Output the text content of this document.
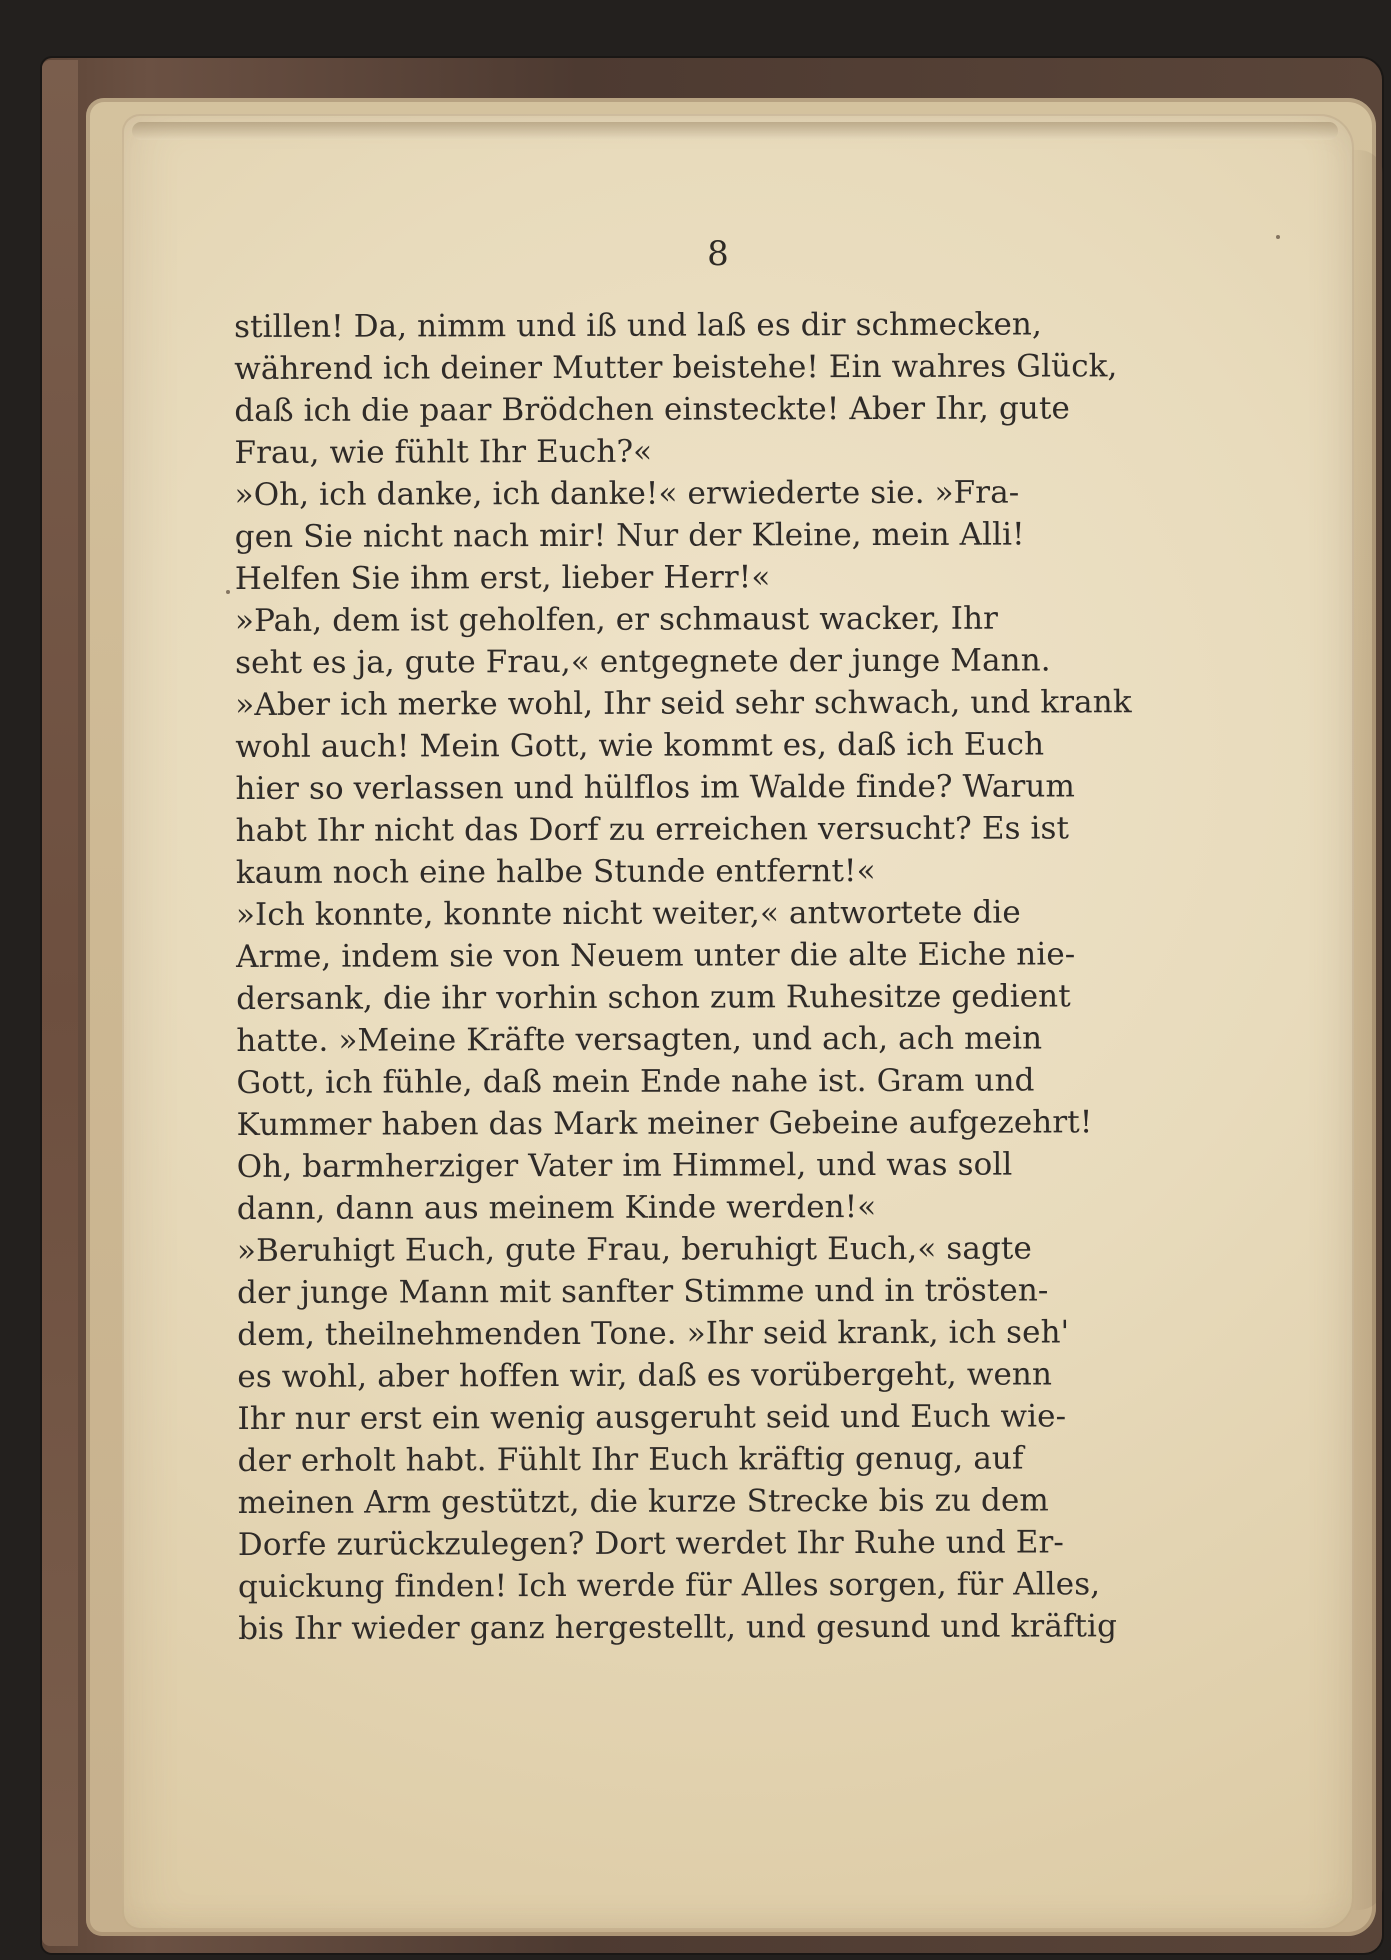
8

stillen! Da, nimm und iß und laß es dir schmecken,
während ich deiner Mutter beistehe! Ein wahres Glück,
daß ich die paar Brödchen einsteckte! Aber Ihr, gute
Frau, wie fühlt Ihr Euch?«

»Oh, ich danke, ich danke!« erwiederte sie. »Fra-
gen Sie nicht nach mir! Nur der Kleine, mein Alli!
Helfen Sie ihm erst, lieber Herr!«

»Pah, dem ist geholfen, er schmaust wacker, Ihr
seht es ja, gute Frau,« entgegnete der junge Mann.
»Aber ich merke wohl, Ihr seid sehr schwach, und krank
wohl auch! Mein Gott, wie kommt es, daß ich Euch
hier so verlassen und hülflos im Walde finde? Warum
habt Ihr nicht das Dorf zu erreichen versucht? Es ist
kaum noch eine halbe Stunde entfernt!«

»Ich konnte, konnte nicht weiter,« antwortete die
Arme, indem sie von Neuem unter die alte Eiche nie-
dersank, die ihr vorhin schon zum Ruhesitze gedient
hatte. »Meine Kräfte versagten, und ach, ach mein
Gott, ich fühle, daß mein Ende nahe ist. Gram und
Kummer haben das Mark meiner Gebeine aufgezehrt!
Oh, barmherziger Vater im Himmel, und was soll
dann, dann aus meinem Kinde werden!«

»Beruhigt Euch, gute Frau, beruhigt Euch,« sagte
der junge Mann mit sanfter Stimme und in trösten-
dem, theilnehmenden Tone. »Ihr seid krank, ich seh'
es wohl, aber hoffen wir, daß es vorübergeht, wenn
Ihr nur erst ein wenig ausgeruht seid und Euch wie-
der erholt habt. Fühlt Ihr Euch kräftig genug, auf
meinen Arm gestützt, die kurze Strecke bis zu dem
Dorfe zurückzulegen? Dort werdet Ihr Ruhe und Er-
quickung finden! Ich werde für Alles sorgen, für Alles,
bis Ihr wieder ganz hergestellt, und gesund und kräftig
